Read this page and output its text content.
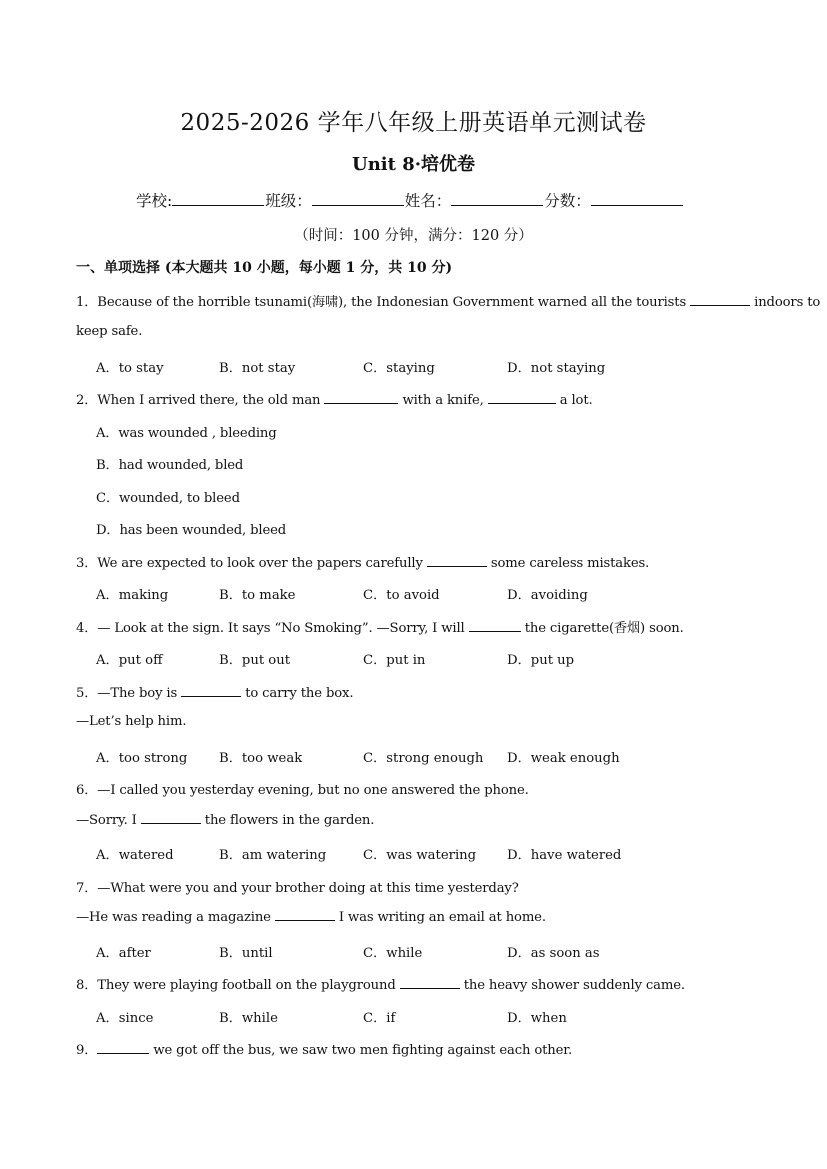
2025-2026 学年八年级上册英语单元测试卷
Unit 8·培优卷
学校:	班级：	姓名：	分数：
（时间：100 分钟，满分：120 分）
一、单项选择 (本大题共 10 小题，每小题 1 分，共 10 分)
1．Because of the horrible tsunami(海啸), the Indonesian Government warned all the tourists	indoors to
keep safe.
A．to stay	B．not stay	C．staying	D．not staying
2．When I arrived there, the old man	with a knife,	a lot.
A．was wounded , bleeding
B．had wounded, bled
C．wounded, to bleed
D．has been wounded, bleed
3．We are expected to look over the papers carefully	some careless mistakes.
A．making	B．to make	C．to avoid	D．avoiding
4．— Look at the sign. It says “No Smoking”. —Sorry, I will	the cigarette(香烟) soon.
A．put off	B．put out	C．put in	D．put up
5．—The boy is	to carry the box.
—Let’s help him.
A．too strong B．too weak	C．strong enough D．weak enough
6．—I called you yesterday evening, but no one answered the phone.
—Sorry. I	the flowers in the garden.
A．watered	B．am watering	C．was watering D．have watered
7．—What were you and your brother doing at this time yesterday?
—He was reading a magazine	I was writing an email at home.
A．after	B．until	C．while	D．as soon as
8．They were playing football on the playground	the heavy shower suddenly came.
A．since	B．while	C．if	D．when
9．	we got off the bus, we saw two men fighting against each other.
